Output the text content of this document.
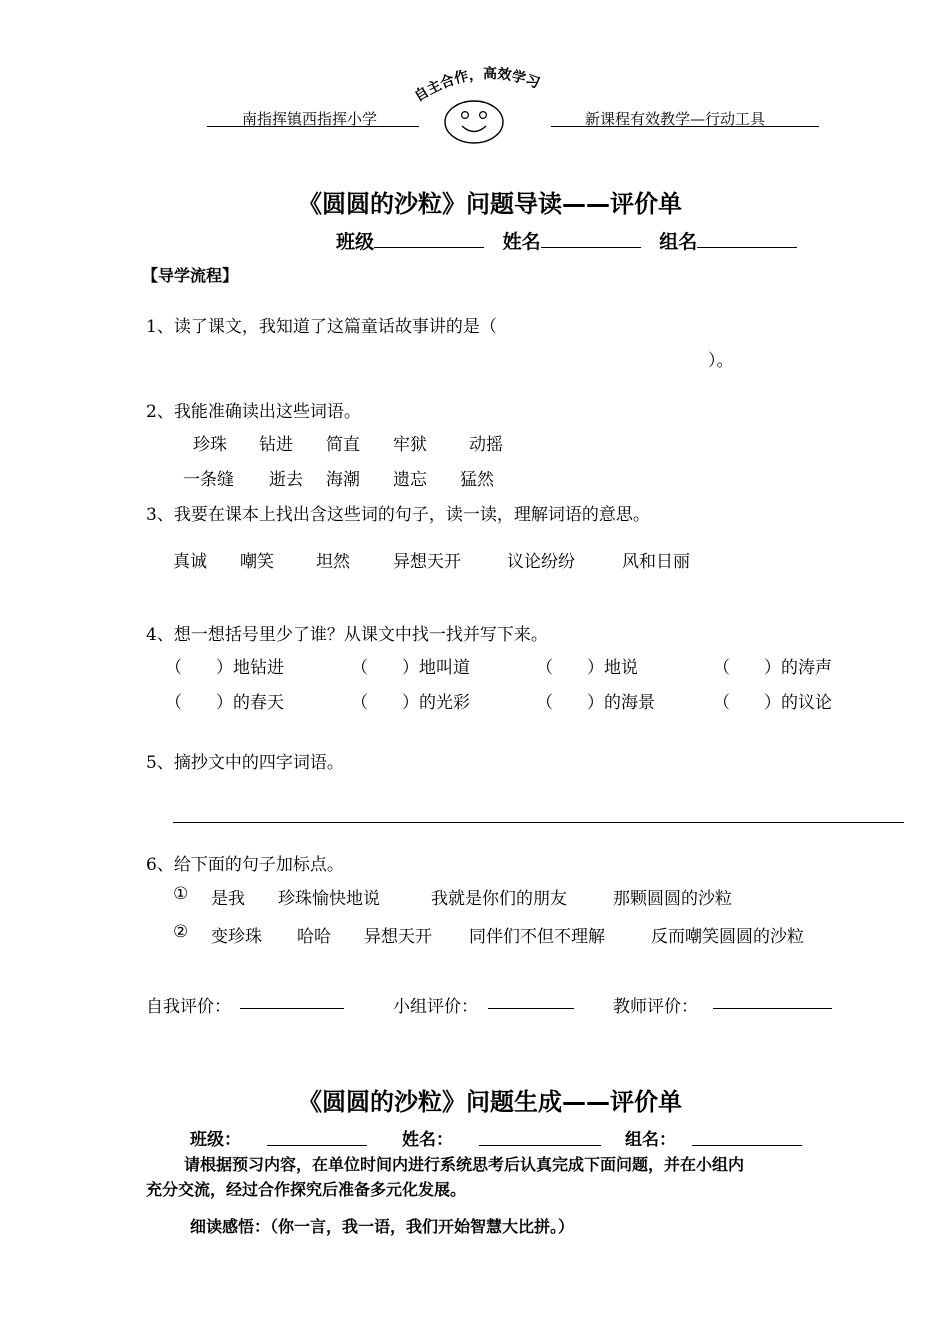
自主合作，高效学习
南指挥镇西指挥小学	新课程有效教学—行动工具
《圆圆的沙粒》问题导读——评价单
班级	姓名	组名
【导学流程】
1、读了课文，我知道了这篇童话故事讲的是（
）。
2、我能准确读出这些词语。
珍珠 钻进 简直 牢狱 动摇
一条缝 逝去 海潮 遗忘 猛然
3、我要在课本上找出含这些词的句子，读一读，理解词语的意思。
真诚 嘲笑 坦然	异想天开	议论纷纷	风和日丽
4、想一想括号里少了谁？从课文中找一找并写下来。
（　　）地钻进	（　　）地叫道	（　　）地说	（　　）的涛声
（　　）的春天	（　　）的光彩	（　　）的海景	（　　）的议论
5、摘抄文中的四字词语。
6、给下面的句子加标点。
① 是我 珍珠愉快地说	我就是你们的朋友	那颗圆圆的沙粒
② 变珍珠 哈哈 异想天开 同伴们不但不理解	反而嘲笑圆圆的沙粒
自我评价：	小组评价：	教师评价：
《圆圆的沙粒》问题生成——评价单
班级：	姓名：	组名：
请根据预习内容，在单位时间内进行系统思考后认真完成下面问题，并在小组内
充分交流，经过合作探究后准备多元化发展。
细读感悟：（你一言，我一语，我们开始智慧大比拼。）
